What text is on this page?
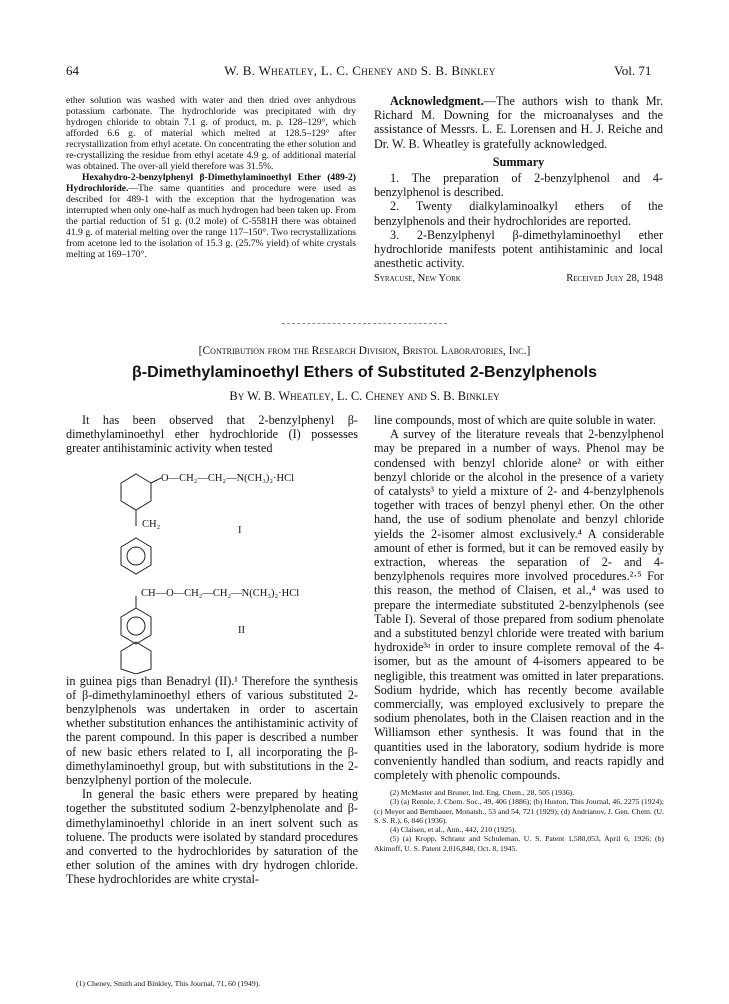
64	W. B. Wheatley, L. C. Cheney and S. B. Binkley	Vol. 71

ether solution was washed with water and then dried over anhydrous potassium carbonate. The hydrochloride was precipitated with dry hydrogen chloride to obtain 7.1 g. of product, m. p. 128–129°, which afforded 6.6 g. of material which melted at 128.5–129° after recrystallization from ethyl acetate. On concentrating the ether solution and re-crystallizing the residue from ethyl acetate 4.9 g. of additional material was obtained. The over-all yield therefore was 31.5%.

Hexahydro-2-benzylphenyl β-Dimethylaminoethyl Ether (489-2) Hydrochloride.—The same quantities and procedure were used as described for 489-1 with the exception that the hydrogenation was interrupted when only one-half as much hydrogen had been taken up. From the partial reduction of 51 g. (0.2 mole) of C-5581H there was obtained 41.9 g. of material melting over the range 117–150°. Two recrystallizations from acetone led to the isolation of 15.3 g. (25.7% yield) of white crystals melting at 169–170°.

Acknowledgment.—The authors wish to thank Mr. Richard M. Downing for the microanalyses and the assistance of Messrs. L. E. Lorensen and H. J. Reiche and Dr. W. B. Wheatley is gratefully acknowledged.

Summary

1. The preparation of 2-benzylphenol and 4-benzylphenol is described.

2. Twenty dialkylaminoalkyl ethers of the benzylphenols and their hydrochlorides are reported.

3. 2-Benzylphenyl β-dimethylaminoethyl ether hydrochloride manifests potent antihistaminic and local anesthetic activity.

Syracuse, New York	Received July 28, 1948
[Contribution from the Research Division, Bristol Laboratories, Inc.]
β-Dimethylaminoethyl Ethers of Substituted 2-Benzylphenols
By W. B. Wheatley, L. C. Cheney and S. B. Binkley

It has been observed that 2-benzylphenyl β-dimethylaminoethyl ether hydrochloride (I) possesses greater antihistaminic activity when tested

O—CH₂—CH₂—N(CH₃)₂·HCl
CH₂
I
CH—O—CH₂—CH₂—N(CH₃)₂·HCl
II

in guinea pigs than Benadryl (II).¹ Therefore the synthesis of β-dimethylaminoethyl ethers of various substituted 2-benzylphenols was undertaken in order to ascertain whether substitution enhances the antihistaminic activity of the parent compound. In this paper is described a number of new basic ethers related to I, all incorporating the β-dimethylaminoethyl group, but with substitutions in the 2-benzylphenyl portion of the molecule.

In general the basic ethers were prepared by heating together the substituted sodium 2-benzylphenolate and β-dimethylaminoethyl chloride in an inert solvent such as toluene. The products were isolated by standard procedures and converted to the hydrochlorides by saturation of the ether solution of the amines with dry hydrogen chloride. These hydrochlorides are white crystal-

(1) Cheney, Smith and Binkley, This Journal, 71, 60 (1949).

line compounds, most of which are quite soluble in water.

A survey of the literature reveals that 2-benzylphenol may be prepared in a number of ways. Phenol may be condensed with benzyl chloride alone² or with either benzyl chloride or the alcohol in the presence of a variety of catalysts³ to yield a mixture of 2- and 4-benzylphenols together with traces of benzyl phenyl ether. On the other hand, the use of sodium phenolate and benzyl chloride yields the 2-isomer almost exclusively.⁴ A considerable amount of ether is formed, but it can be removed easily by extraction, whereas the separation of 2- and 4-benzylphenols requires more involved procedures.²·⁵ For this reason, the method of Claisen, et al.,⁴ was used to prepare the intermediate substituted 2-benzylphenols (see Table I). Several of those prepared from sodium phenolate and a substituted benzyl chloride were treated with barium hydroxide³ᵃ in order to insure complete removal of the 4-isomer, but as the amount of 4-isomers appeared to be negligible, this treatment was omitted in later preparations. Sodium hydride, which has recently become available commercially, was employed exclusively to prepare the sodium phenolates, both in the Claisen reaction and in the Williamson ether synthesis. It was found that in the quantities used in the laboratory, sodium hydride is more conveniently handled than sodium, and reacts rapidly and completely with phenolic compounds.

(2) McMaster and Bruner, Ind. Eng. Chem., 28, 505 (1936).

(3) (a) Rennie, J. Chem. Soc., 49, 406 (1886); (b) Huston, This Journal, 46, 2275 (1924); (c) Meyer and Bernhauer, Monatsh., 53 and 54, 721 (1929); (d) Andrianov, J. Gen. Chem. (U. S. S. R.), 6, 846 (1936).

(4) Claisen, et al., Ann., 442, 210 (1925).

(5) (a) Kropp, Schranz and Schuleman, U. S. Patent 1,580,053, April 6, 1926; (b) Akimoff, U. S. Patent 2,016,848, Oct. 8, 1945.
